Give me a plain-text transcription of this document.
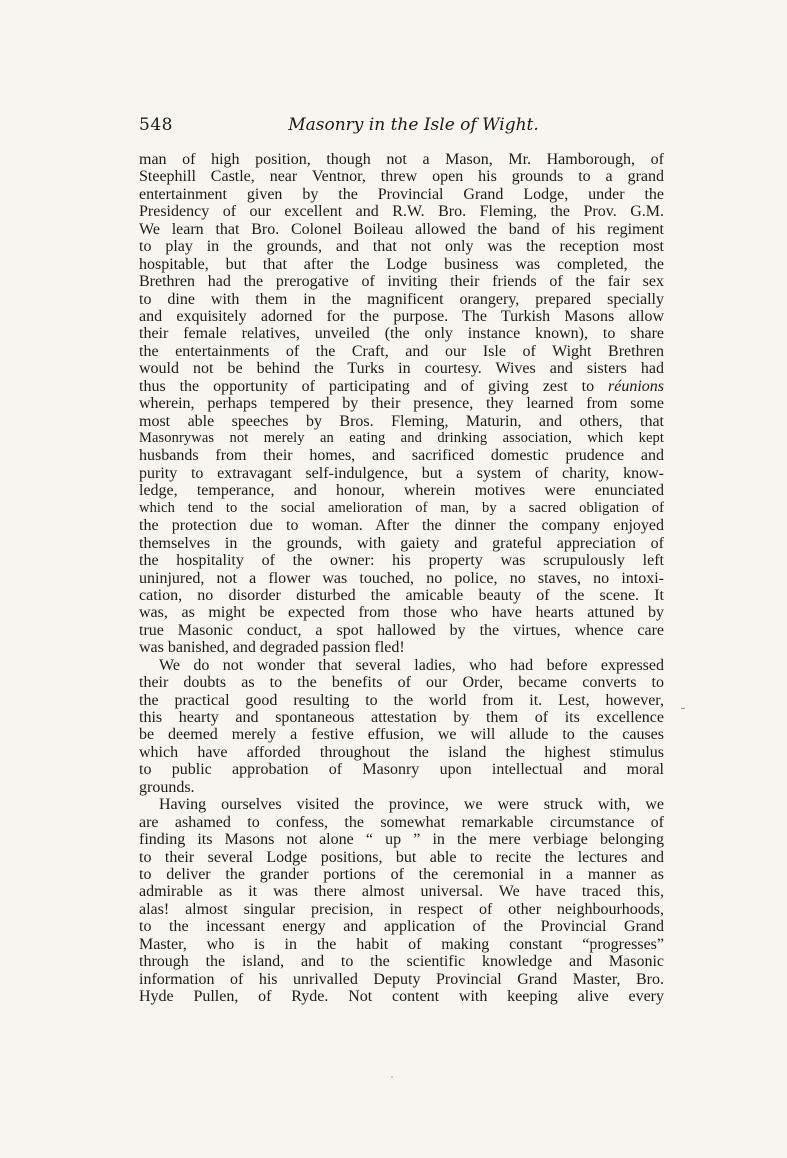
548	Masonry in the Isle of Wight.
man of high position, though not a Mason, Mr. Hamborough, of
Steephill Castle, near Ventnor, threw open his grounds to a grand
entertainment given by the Provincial Grand Lodge, under the
Presidency of our excellent and R.W. Bro. Fleming, the Prov. G.M.
We learn that Bro. Colonel Boileau allowed the band of his regiment
to play in the grounds, and that not only was the reception most
hospitable, but that after the Lodge business was completed, the
Brethren had the prerogative of inviting their friends of the fair sex
to dine with them in the magnificent orangery, prepared specially
and exquisitely adorned for the purpose. The Turkish Masons allow
their female relatives, unveiled (the only instance known), to share
the entertainments of the Craft, and our Isle of Wight Brethren
would not be behind the Turks in courtesy. Wives and sisters had
thus the opportunity of participating and of giving zest to réunions
wherein, perhaps tempered by their presence, they learned from some
most able speeches by Bros. Fleming, Maturin, and others, that
Masonrywas not merely an eating and drinking association, which kept
husbands from their homes, and sacrificed domestic prudence and
purity to extravagant self-indulgence, but a system of charity, know-
ledge, temperance, and honour, wherein motives were enunciated
which tend to the social amelioration of man, by a sacred obligation of
the protection due to woman. After the dinner the company enjoyed
themselves in the grounds, with gaiety and grateful appreciation of
the hospitality of the owner: his property was scrupulously left
uninjured, not a flower was touched, no police, no staves, no intoxi-
cation, no disorder disturbed the amicable beauty of the scene. It
was, as might be expected from those who have hearts attuned by
true Masonic conduct, a spot hallowed by the virtues, whence care
was banished, and degraded passion fled!
We do not wonder that several ladies, who had before expressed
their doubts as to the benefits of our Order, became converts to
the practical good resulting to the world from it. Lest, however,
this hearty and spontaneous attestation by them of its excellence
be deemed merely a festive effusion, we will allude to the causes
which have afforded throughout the island the highest stimulus
to public approbation of Masonry upon intellectual and moral
grounds.
Having ourselves visited the province, we were struck with, we
are ashamed to confess, the somewhat remarkable circumstance of
finding its Masons not alone “ up ” in the mere verbiage belonging
to their several Lodge positions, but able to recite the lectures and
to deliver the grander portions of the ceremonial in a manner as
admirable as it was there almost universal. We have traced this,
alas! almost singular precision, in respect of other neighbourhoods,
to the incessant energy and application of the Provincial Grand
Master, who is in the habit of making constant “progresses”
through the island, and to the scientific knowledge and Masonic
information of his unrivalled Deputy Provincial Grand Master, Bro.
Hyde Pullen, of Ryde. Not content with keeping alive every
